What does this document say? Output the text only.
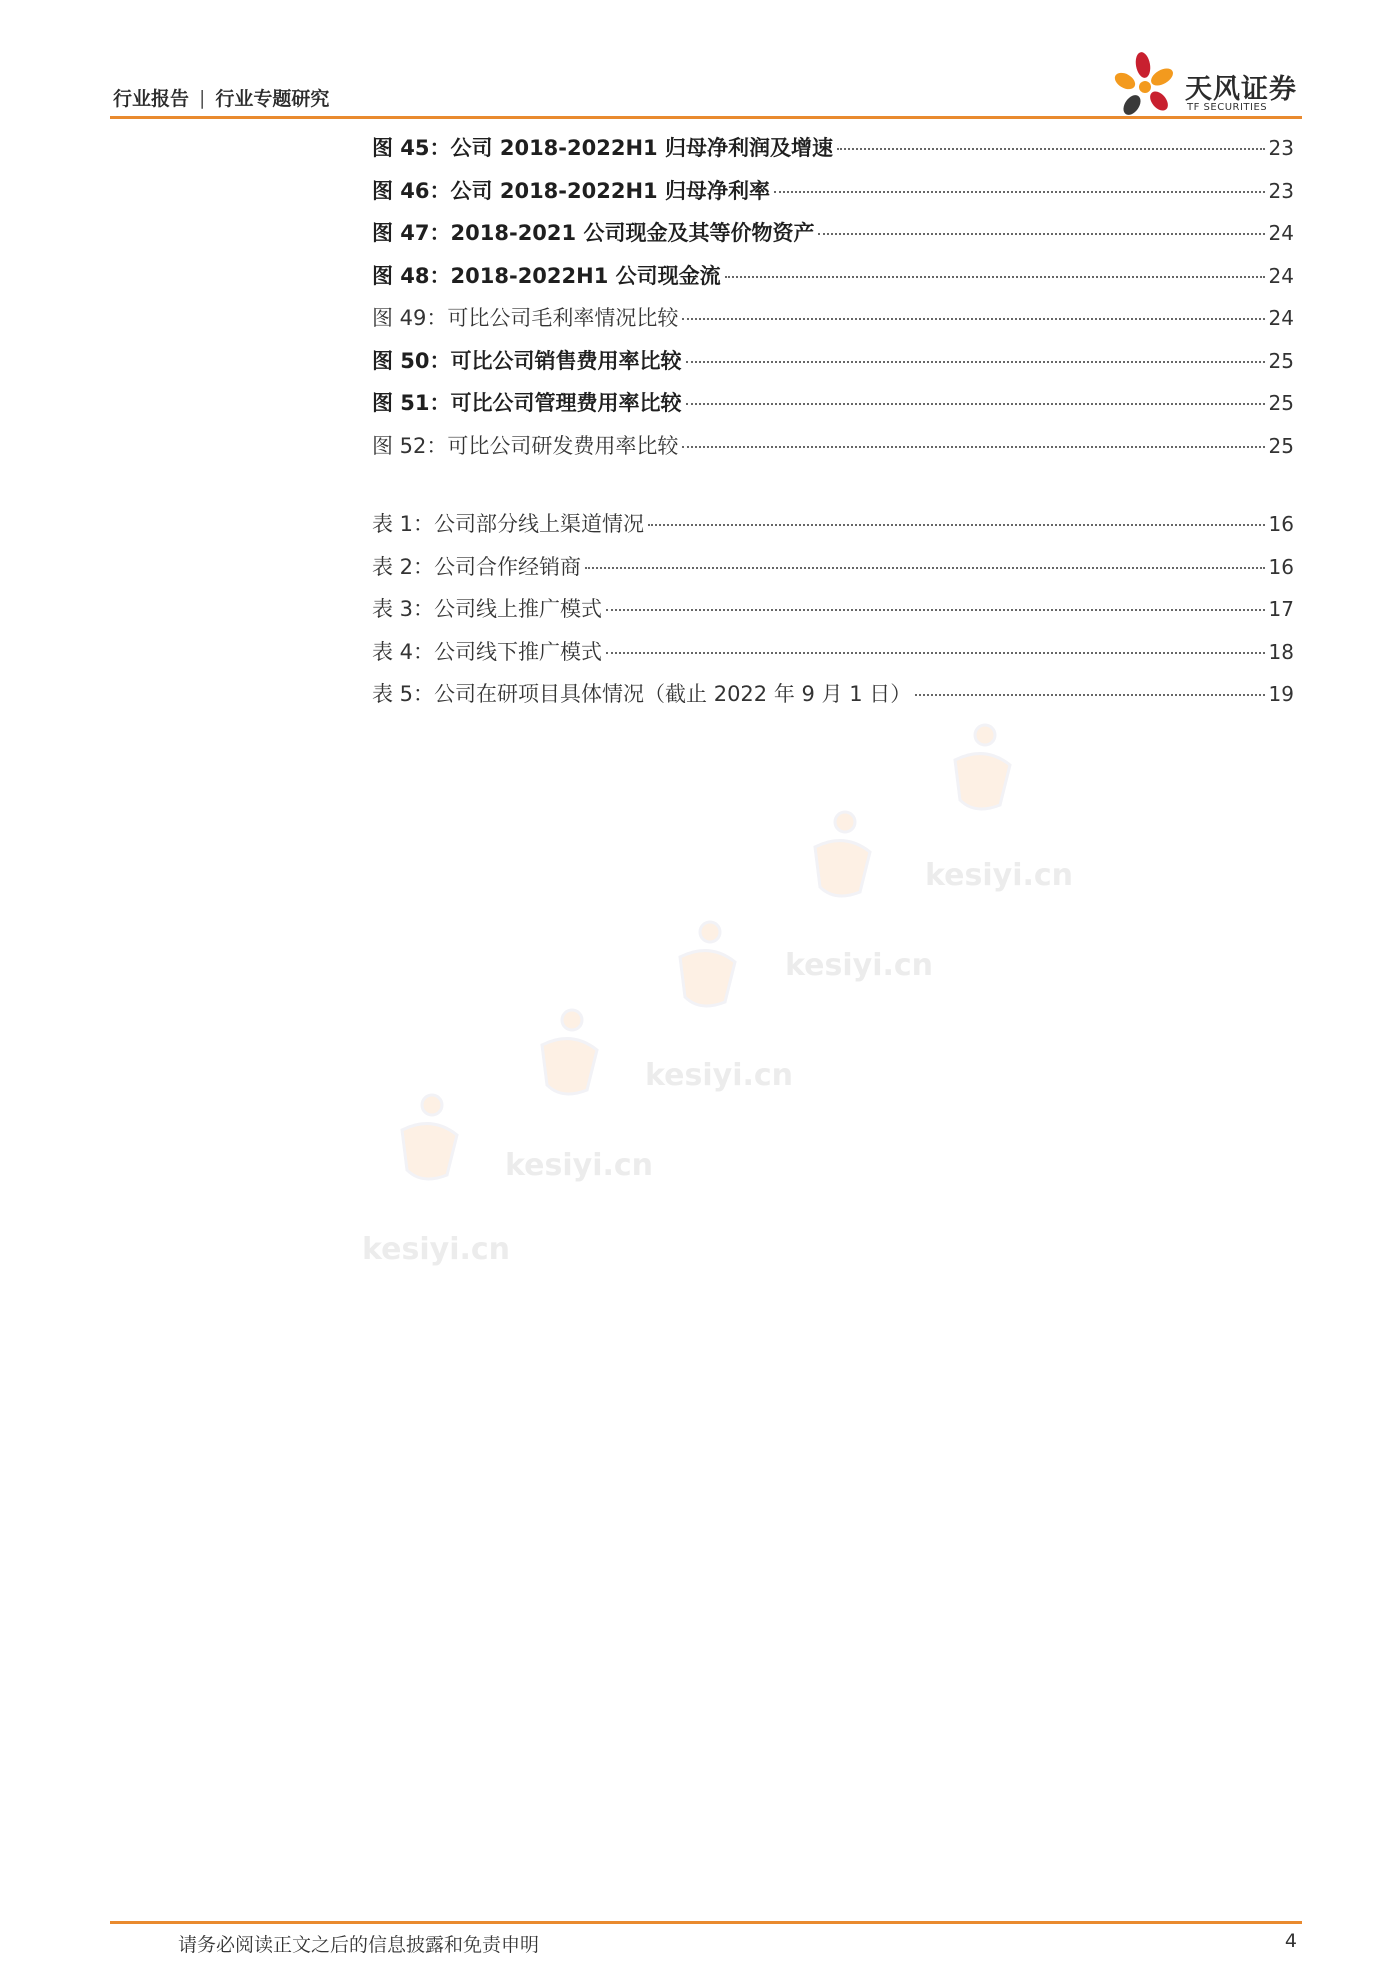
行业报告 | 行业专题研究	天风证券
TF SECURITIES
图 45：公司 2018-2022H1 归母净利润及增速	23
图 46：公司 2018-2022H1 归母净利率	23
图 47：2018-2021 公司现金及其等价物资产	24
图 48：2018-2022H1 公司现金流	24
图 49：可比公司毛利率情况比较	24
图 50：可比公司销售费用率比较	25
图 51：可比公司管理费用率比较	25
图 52：可比公司研发费用率比较	25
表 1：公司部分线上渠道情况	16
表 2：公司合作经销商	16
表 3：公司线上推广模式	17
表 4：公司线下推广模式	18
表 5：公司在研项目具体情况（截止 2022 年 9 月 1 日）	19
kesiyi.cn
kesiyi.cn
kesiyi.cn
kesiyi.cn
kesiyi.cn
请务必阅读正文之后的信息披露和免责申明	4
